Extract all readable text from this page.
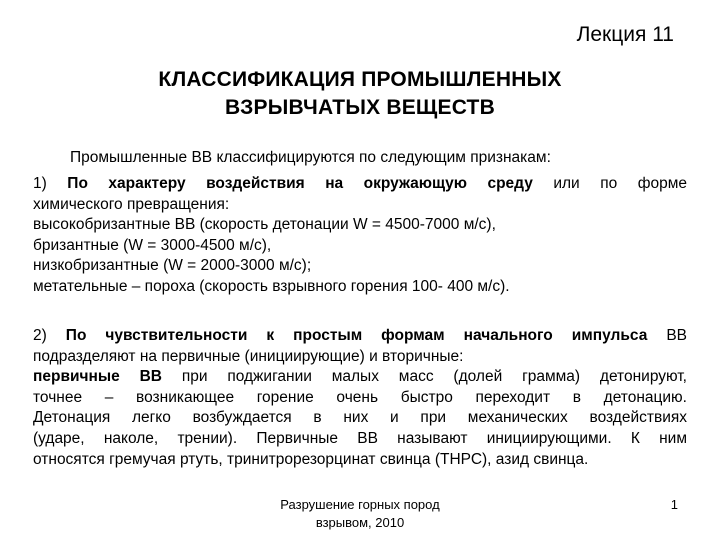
Лекция 11
КЛАССИФИКАЦИЯ ПРОМЫШЛЕННЫХ
ВЗРЫВЧАТЫХ ВЕЩЕСТВ
Промышленные ВВ классифицируются по следующим признакам:
1) По характеру воздействия на окружающую среду или по форме
химического превращения:
высокобризантные ВВ (скорость детонации W = 4500-7000 м/с),
бризантные (W = 3000-4500 м/с),
низкобризантные (W = 2000-3000 м/с);
метательные – пороха (скорость взрывного горения 100- 400 м/с).
2) По чувствительности к простым формам начального импульса ВВ
подразделяют на первичные (инициирующие) и вторичные:
первичные ВВ при поджигании малых масс (долей грамма) детонируют,
точнее – возникающее горение очень быстро переходит в детонацию.
Детонация легко возбуждается в них и при механических воздействиях
(ударе, наколе, трении). Первичные ВВ называют инициирующими. К ним
относятся гремучая ртуть, тринитрорезорцинат свинца (ТНРС), азид свинца.
Разрушение горных пород
взрывом, 2010
1
